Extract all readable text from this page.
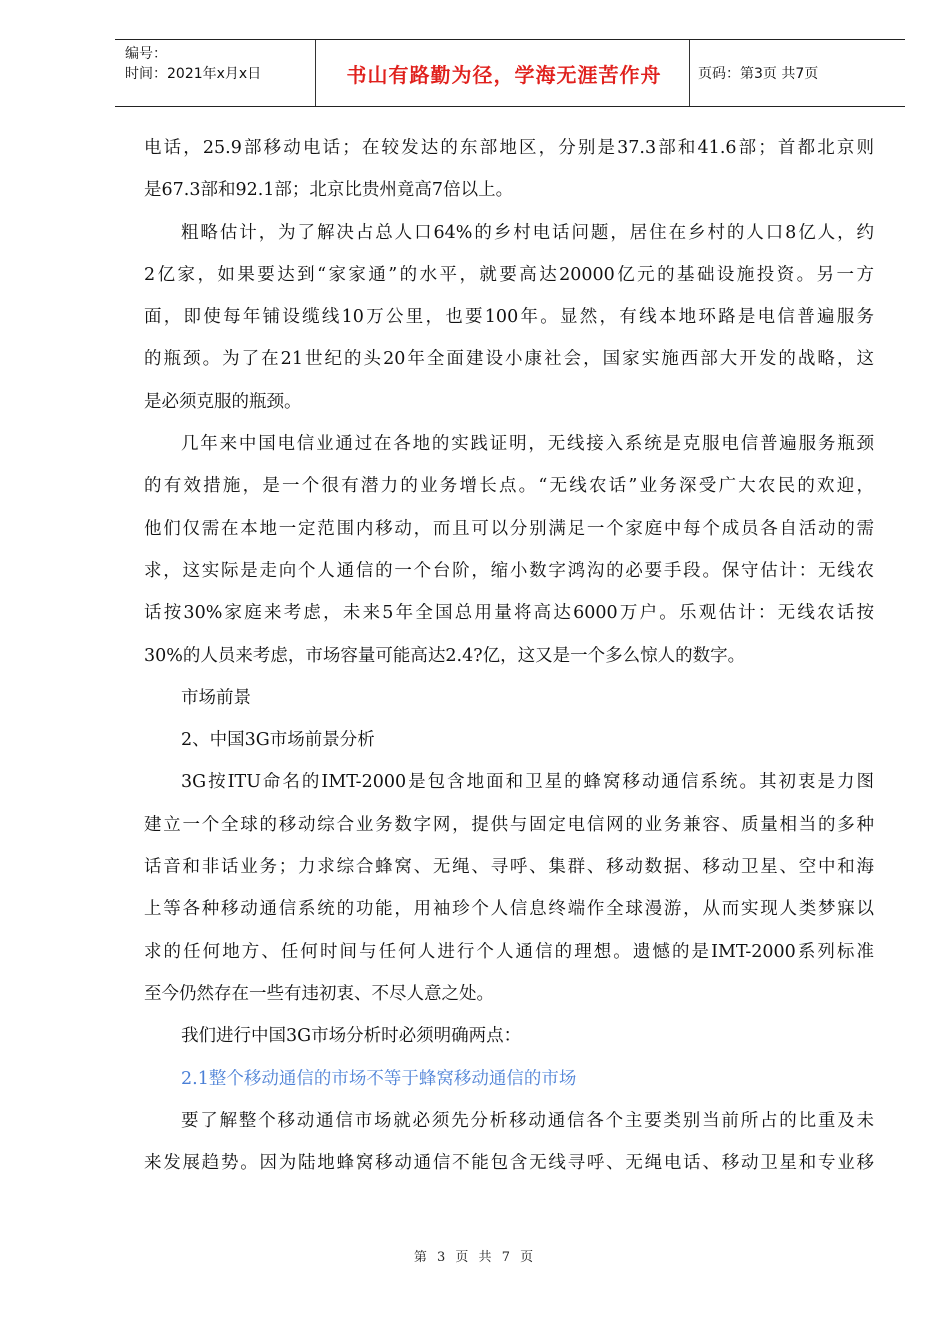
编号：
时间：2021年x月x日	书山有路勤为径，学海无涯苦作舟	页码：第3页 共7页
电话，25.9部移动电话；在较发达的东部地区，分别是37.3部和41.6部；首都北京则
是67.3部和92.1部；北京比贵州竟高7倍以上。
粗略估计，为了解决占总人口64%的乡村电话问题，居住在乡村的人口8亿人，约
2亿家，如果要达到“家家通”的水平，就要高达20000亿元的基础设施投资。另一方
面，即使每年铺设缆线10万公里，也要100年。显然，有线本地环路是电信普遍服务
的瓶颈。为了在21世纪的头20年全面建设小康社会，国家实施西部大开发的战略，这
是必须克服的瓶颈。
几年来中国电信业通过在各地的实践证明，无线接入系统是克服电信普遍服务瓶颈
的有效措施，是一个很有潜力的业务增长点。“无线农话”业务深受广大农民的欢迎，
他们仅需在本地一定范围内移动，而且可以分别满足一个家庭中每个成员各自活动的需
求，这实际是走向个人通信的一个台阶，缩小数字鸿沟的必要手段。保守估计：无线农
话按30%家庭来考虑，未来5年全国总用量将高达6000万户。乐观估计：无线农话按
30%的人员来考虑，市场容量可能高达2.4?亿，这又是一个多么惊人的数字。
市场前景
2、中国3G市场前景分析
3G按ITU命名的IMT-2000是包含地面和卫星的蜂窝移动通信系统。其初衷是力图
建立一个全球的移动综合业务数字网，提供与固定电信网的业务兼容、质量相当的多种
话音和非话业务；力求综合蜂窝、无绳、寻呼、集群、移动数据、移动卫星、空中和海
上等各种移动通信系统的功能，用袖珍个人信息终端作全球漫游，从而实现人类梦寐以
求的任何地方、任何时间与任何人进行个人通信的理想。遗憾的是IMT-2000系列标准
至今仍然存在一些有违初衷、不尽人意之处。
我们进行中国3G市场分析时必须明确两点：
2.1整个移动通信的市场不等于蜂窝移动通信的市场
要了解整个移动通信市场就必须先分析移动通信各个主要类别当前所占的比重及未
来发展趋势。因为陆地蜂窝移动通信不能包含无线寻呼、无绳电话、移动卫星和专业移
第 3 页 共 7 页
